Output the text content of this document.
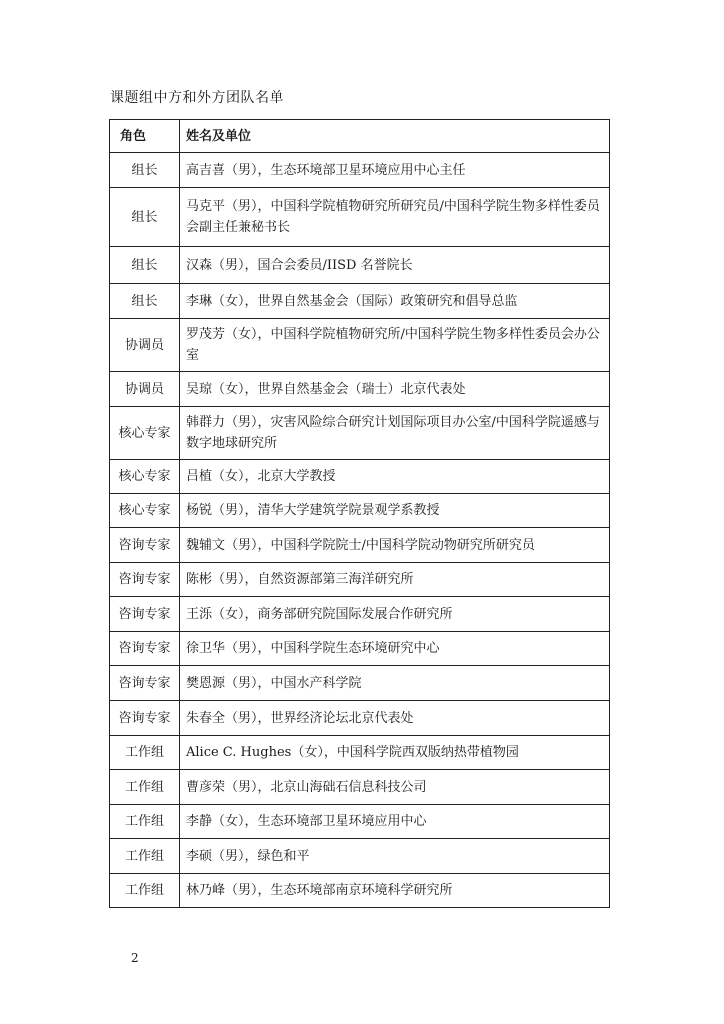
课题组中方和外方团队名单
角色	姓名及单位
组长	高吉喜（男），生态环境部卫星环境应用中心主任
组长	马克平（男），中国科学院植物研究所研究员/中国科学院生物多样性委员会副主任兼秘书长
组长	汉森（男），国合会委员/IISD 名誉院长
组长	李琳（女），世界自然基金会（国际）政策研究和倡导总监
协调员	罗茂芳（女），中国科学院植物研究所/中国科学院生物多样性委员会办公室
协调员	吴琼（女），世界自然基金会（瑞士）北京代表处
核心专家	韩群力（男），灾害风险综合研究计划国际项目办公室/中国科学院遥感与数字地球研究所
核心专家	吕植（女），北京大学教授
核心专家	杨锐（男），清华大学建筑学院景观学系教授
咨询专家	魏辅文（男），中国科学院院士/中国科学院动物研究所研究员
咨询专家	陈彬（男），自然资源部第三海洋研究所
咨询专家	王泺（女），商务部研究院国际发展合作研究所
咨询专家	徐卫华（男），中国科学院生态环境研究中心
咨询专家	樊恩源（男），中国水产科学院
咨询专家	朱春全（男），世界经济论坛北京代表处
工作组	Alice C. Hughes（女），中国科学院西双版纳热带植物园
工作组	曹彦荣（男），北京山海础石信息科技公司
工作组	李静（女），生态环境部卫星环境应用中心
工作组	李硕（男），绿色和平
工作组	林乃峰（男），生态环境部南京环境科学研究所
2
